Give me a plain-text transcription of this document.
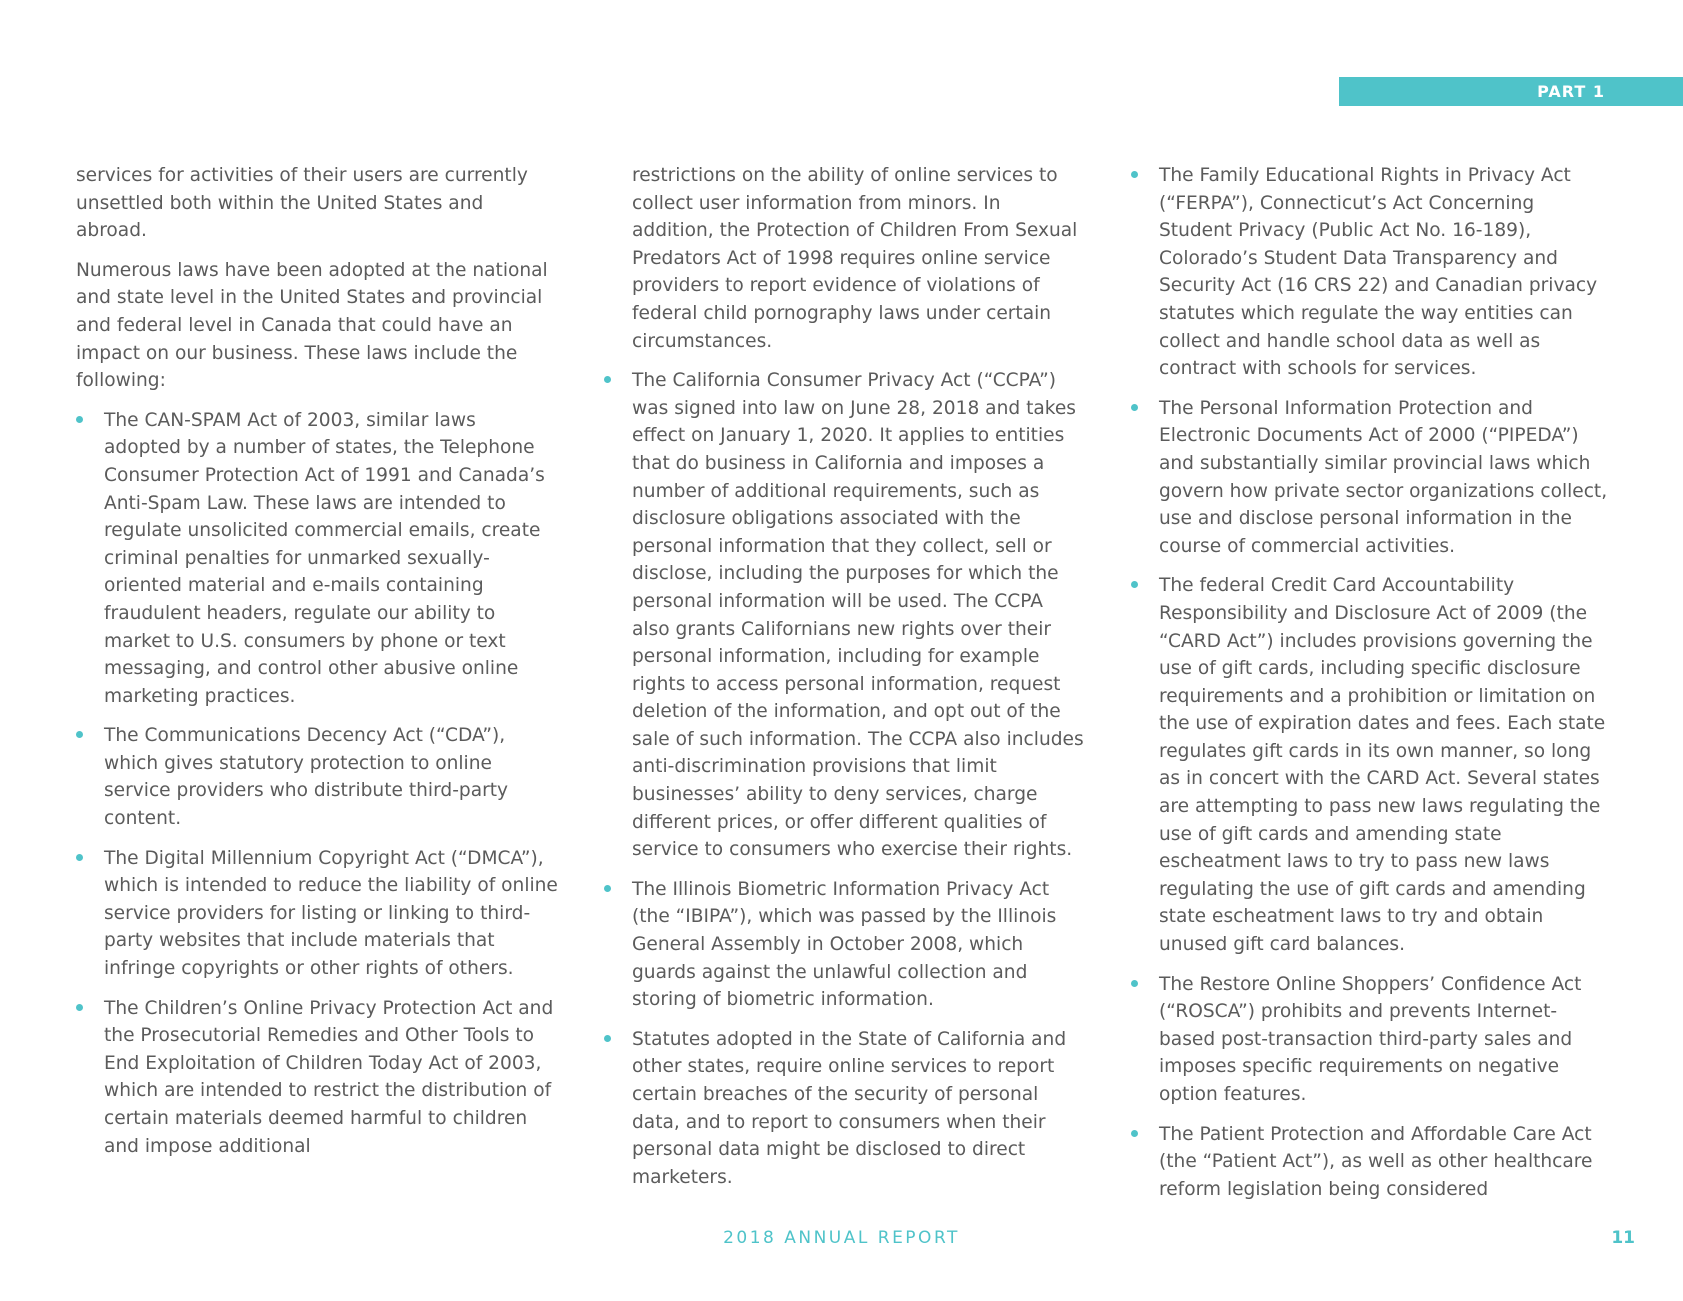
PART 1

services for activities of their users are currently unsettled both within the United States and abroad.

Numerous laws have been adopted at the national and state level in the United States and provincial and federal level in Canada that could have an impact on our business. These laws include the following:

The CAN-SPAM Act of 2003, similar laws adopted by a number of states, the Telephone Consumer Protection Act of 1991 and Canada’s Anti-Spam Law. These laws are intended to regulate unsolicited commercial emails, create criminal penalties for unmarked sexually-oriented material and e-mails containing fraudulent headers, regulate our ability to market to U.S. consumers by phone or text messaging, and control other abusive online marketing practices.
The Communications Decency Act (“CDA”), which gives statutory protection to online service providers who distribute third-party content.
The Digital Millennium Copyright Act (“DMCA”), which is intended to reduce the liability of online service providers for listing or linking to third-party websites that include materials that infringe copyrights or other rights of others.
The Children’s Online Privacy Protection Act and the Prosecutorial Remedies and Other Tools to End Exploitation of Children Today Act of 2003, which are intended to restrict the distribution of certain materials deemed harmful to children and impose additional
restrictions on the ability of online services to collect user information from minors. In addition, the Protection of Children From Sexual Predators Act of 1998 requires online service providers to report evidence of violations of federal child pornography laws under certain circumstances.
The California Consumer Privacy Act (“CCPA”) was signed into law on June 28, 2018 and takes effect on January 1, 2020. It applies to entities that do business in California and imposes a number of additional requirements, such as disclosure obligations associated with the personal information that they collect, sell or disclose, including the purposes for which the personal information will be used. The CCPA also grants Californians new rights over their personal information, including for example rights to access personal information, request deletion of the information, and opt out of the sale of such information. The CCPA also includes anti-discrimination provisions that limit businesses’ ability to deny services, charge different prices, or offer different qualities of service to consumers who exercise their rights.
The Illinois Biometric Information Privacy Act (the “IBIPA”), which was passed by the Illinois General Assembly in October 2008, which guards against the unlawful collection and storing of biometric information.
Statutes adopted in the State of California and other states, require online services to report certain breaches of the security of personal data, and to report to consumers when their personal data might be disclosed to direct marketers.
The Family Educational Rights in Privacy Act (“FERPA”), Connecticut’s Act Concerning Student Privacy (Public Act No. 16-189), Colorado’s Student Data Transparency and Security Act (16 CRS 22) and Canadian privacy statutes which regulate the way entities can collect and handle school data as well as contract with schools for services.
The Personal Information Protection and Electronic Documents Act of 2000 (“PIPEDA”) and substantially similar provincial laws which govern how private sector organizations collect, use and disclose personal information in the course of commercial activities.
The federal Credit Card Accountability Responsibility and Disclosure Act of 2009 (the “CARD Act”) includes provisions governing the use of gift cards, including specific disclosure requirements and a prohibition or limitation on the use of expiration dates and fees. Each state regulates gift cards in its own manner, so long as in concert with the CARD Act. Several states are attempting to pass new laws regulating the use of gift cards and amending state escheatment laws to try to pass new laws regulating the use of gift cards and amending state escheatment laws to try and obtain unused gift card balances.
The Restore Online Shoppers’ Confidence Act (“ROSCA”) prohibits and prevents Internet-based post-transaction third-party sales and imposes specific requirements on negative option features.
The Patient Protection and Affordable Care Act (the “Patient Act”), as well as other healthcare reform legislation being considered
2018 ANNUAL REPORT	11
